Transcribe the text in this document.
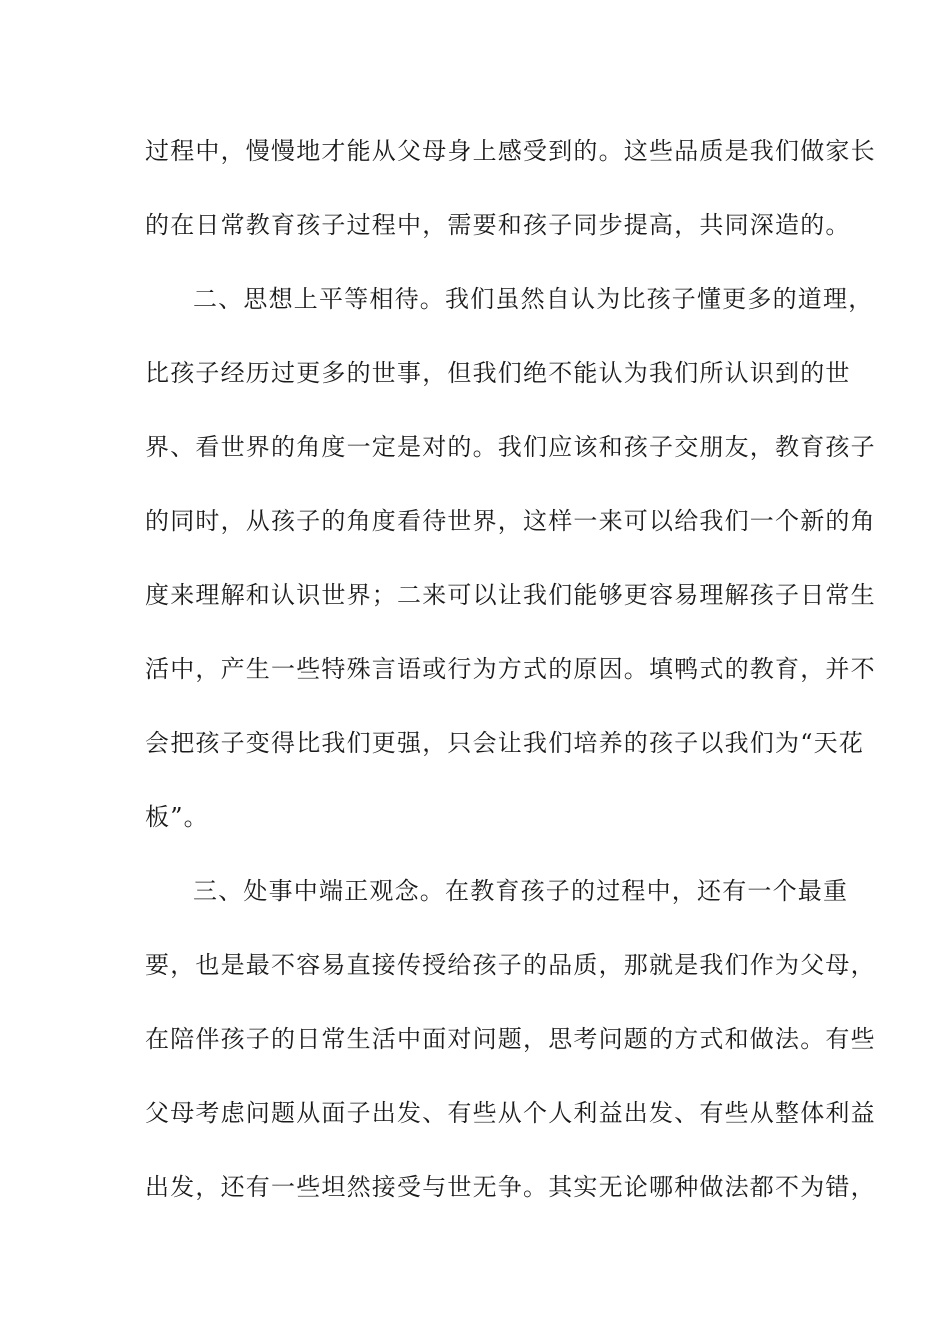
过程中，慢慢地才能从父母身上感受到的。这些品质是我们做家长
的在日常教育孩子过程中，需要和孩子同步提高，共同深造的。
二、思想上平等相待。我们虽然自认为比孩子懂更多的道理，
比孩子经历过更多的世事，但我们绝不能认为我们所认识到的世
界、看世界的角度一定是对的。我们应该和孩子交朋友，教育孩子
的同时，从孩子的角度看待世界，这样一来可以给我们一个新的角
度来理解和认识世界；二来可以让我们能够更容易理解孩子日常生
活中，产生一些特殊言语或行为方式的原因。填鸭式的教育，并不
会把孩子变得比我们更强，只会让我们培养的孩子以我们为“天花
板”。
三、处事中端正观念。在教育孩子的过程中，还有一个最重
要，也是最不容易直接传授给孩子的品质，那就是我们作为父母，
在陪伴孩子的日常生活中面对问题，思考问题的方式和做法。有些
父母考虑问题从面子出发、有些从个人利益出发、有些从整体利益
出发，还有一些坦然接受与世无争。其实无论哪种做法都不为错，
